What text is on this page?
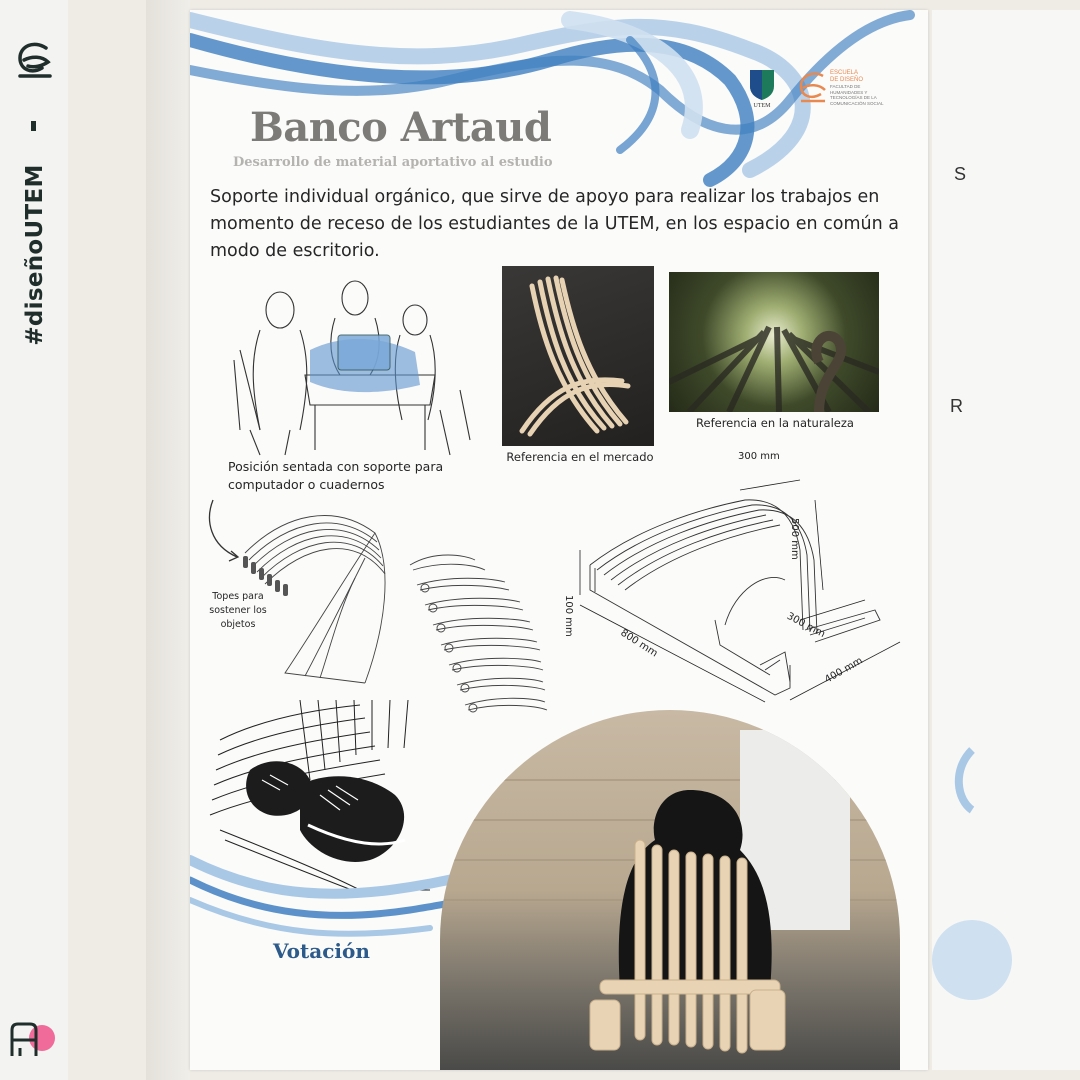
#diseñoUTEM
UTEM
ESCUELA
DE DISEÑO
FACULTAD DE HUMANIDADES Y TECNOLOGÍAS DE LA COMUNICACIÓN SOCIAL
Banco Artaud
Desarrollo de material aportativo al estudio
Soporte individual orgánico, que sirve de apoyo para realizar los trabajos en momento de receso de los estudiantes de la UTEM, en los espacio en común a modo de escritorio.
Referencia en el mercado
Referencia en la naturaleza
Posición sentada con soporte para computador o cuadernos
Topes para sostener los objetos
300 mm
500 mm
100 mm	300 mm
800 mm
400 mm
Votación
S
R
